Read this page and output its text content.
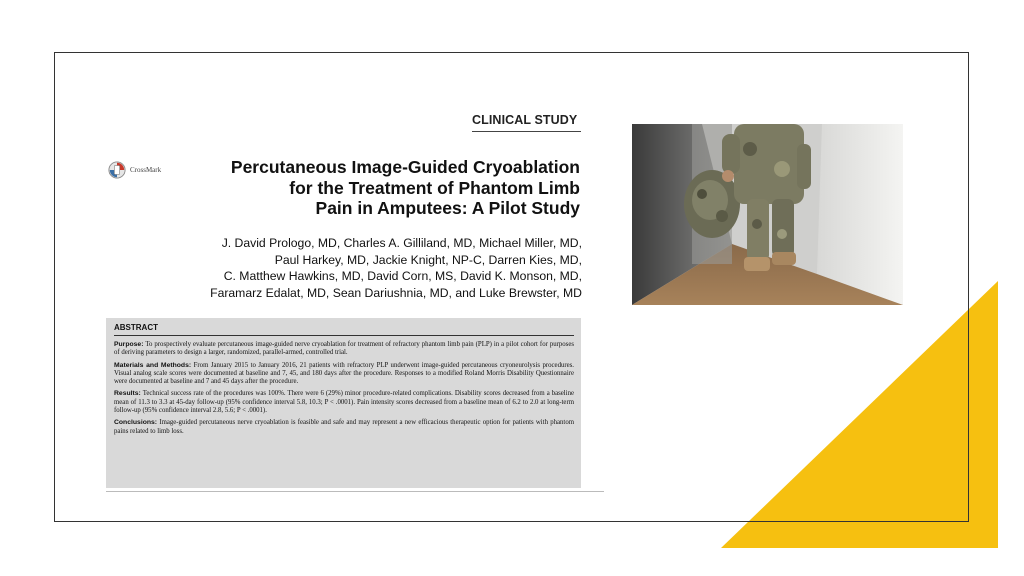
CLINICAL STUDY
CrossMark	Percutaneous Image-Guided Cryoablation
for the Treatment of Phantom Limb
Pain in Amputees: A Pilot Study
J. David Prologo, MD, Charles A. Gilliland, MD, Michael Miller, MD,
Paul Harkey, MD, Jackie Knight, NP-C, Darren Kies, MD,
C. Matthew Hawkins, MD, David Corn, MS, David K. Monson, MD,
Faramarz Edalat, MD, Sean Dariushnia, MD, and Luke Brewster, MD
ABSTRACT

Purpose: To prospectively evaluate percutaneous image-guided nerve cryoablation for treatment of refractory phantom limb pain (PLP) in a pilot cohort for purposes of deriving parameters to design a larger, randomized, parallel-armed, controlled trial.

Materials and Methods: From January 2015 to January 2016, 21 patients with refractory PLP underwent image-guided percutaneous cryoneurolysis procedures. Visual analog scale scores were documented at baseline and 7, 45, and 180 days after the procedure. Responses to a modified Roland Morris Disability Questionnaire were documented at baseline and 7 and 45 days after the procedure.

Results: Technical success rate of the procedures was 100%. There were 6 (29%) minor procedure-related complications. Disability scores decreased from a baseline mean of 11.3 to 3.3 at 45-day follow-up (95% confidence interval 5.8, 10.3; P < .0001). Pain intensity scores decreased from a baseline mean of 6.2 to 2.0 at long-term follow-up (95% confidence interval 2.8, 5.6; P < .0001).

Conclusions: Image-guided percutaneous nerve cryoablation is feasible and safe and may represent a new efficacious therapeutic option for patients with phantom pains related to limb loss.
